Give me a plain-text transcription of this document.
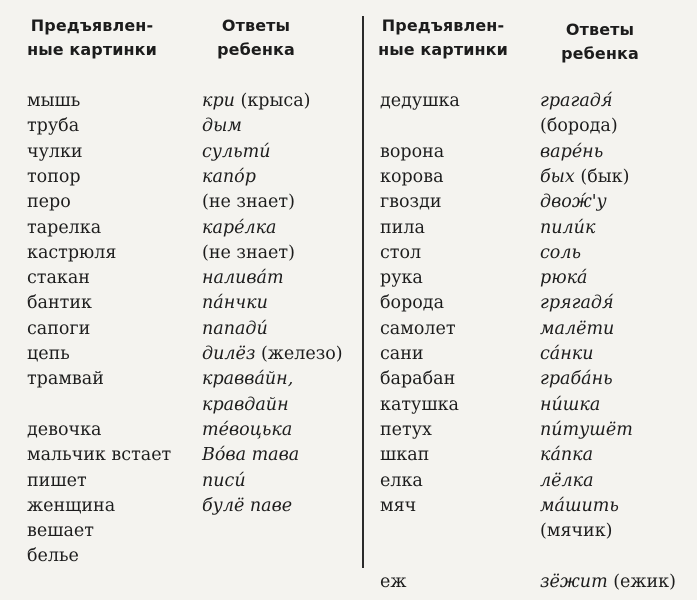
Предъявлен-
ные картинки
Ответы
ребенка
Предъявлен-
ные картинки
Ответы
ребенка
мышь
труба
чулки
топор
перо
тарелка
кастрюля
стакан
бантик
сапоги
цепь
трамвай
девочка
мальчик встает
пишет
женщина
вешает
белье
кри (крыса)
дым
сульти́
капо́р
(не знает)
каре́лка
(не знает)
налива́т
па́нчки
папади́
дилёз (железо)
кравва́йн,
кравдайн
те́воцька
Во́ва тава
писи́
булё паве
дедушка
ворона
корова
гвозди
пила
стол
рука
борода
самолет
сани
барабан
катушка
петух
шкап
елка
мяч
еж
грагадя́
(борода)
варе́нь
бых (бык)
двож́'у
пили́к
соль
рюка́
грягадя́
малёти
са́нки
граба́нь
ни́шка
пи́тушёт
ка́пка
лёлка
ма́шить
(мячик)
зёжит (ежик)
